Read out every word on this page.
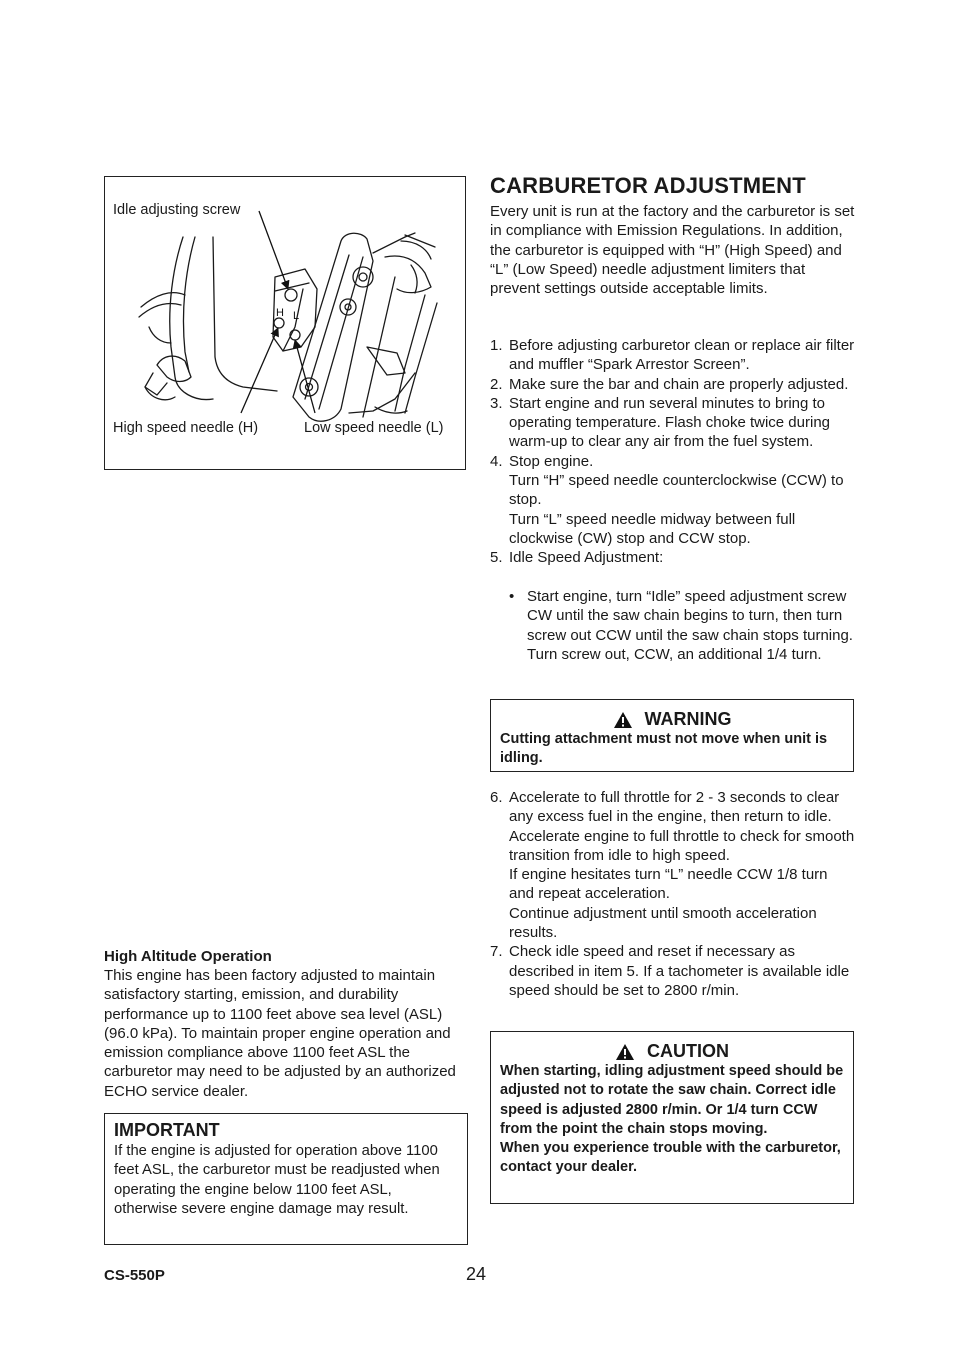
Idle adjusting screw
High speed needle (H)	Low speed needle (L)
H L
CARBURETOR ADJUSTMENT
Every unit is run at the factory and the carburetor is set in compliance with Emission Regulations. In addition, the carburetor is equipped with “H” (High Speed) and “L” (Low Speed) needle adjustment limiters that prevent settings outside acceptable limits.
1. Before adjusting carburetor clean or replace air filter and muffler “Spark Arrestor Screen”.
2. Make sure the bar and chain are properly adjusted.
3. Start engine and run several minutes to bring to operating temperature. Flash choke twice during warm-up to clear any air from the fuel system.
4. Stop engine.
Turn “H” speed needle counterclockwise (CCW) to stop.
Turn “L” speed needle midway between full clockwise (CW) stop and CCW stop.
5. Idle Speed Adjustment:
• Start engine, turn “Idle” speed adjustment screw CW until the saw chain begins to turn, then turn screw out CCW until the saw chain stops turning.
Turn screw out, CCW, an additional 1/4 turn.
WARNING
Cutting attachment must not move when unit is idling.
6. Accelerate to full throttle for 2 - 3 seconds to clear any excess fuel in the engine, then return to idle.
Accelerate engine to full throttle to check for smooth transition from idle to high speed.
If engine hesitates turn “L” needle CCW 1/8 turn and repeat acceleration.
Continue adjustment until smooth acceleration results.
7. Check idle speed and reset if necessary as described in item 5. If a tachometer is available idle speed should be set to 2800 r/min.
CAUTION
When starting, idling adjustment speed should be adjusted not to rotate the saw chain. Correct idle speed is adjusted 2800 r/min. Or 1/4 turn CCW from the point the chain stops moving.
When you experience trouble with the carburetor, contact your dealer.
High Altitude Operation
This engine has been factory adjusted to maintain satisfactory starting, emission, and durability performance up to 1100 feet above sea level (ASL) (96.0 kPa). To maintain proper engine operation and emission compliance above 1100 feet ASL the carburetor may need to be adjusted by an authorized ECHO service dealer.
IMPORTANT
If the engine is adjusted for operation above 1100 feet ASL, the carburetor must be readjusted when operating the engine below 1100 feet ASL, otherwise severe engine damage may result.
CS-550P	24
